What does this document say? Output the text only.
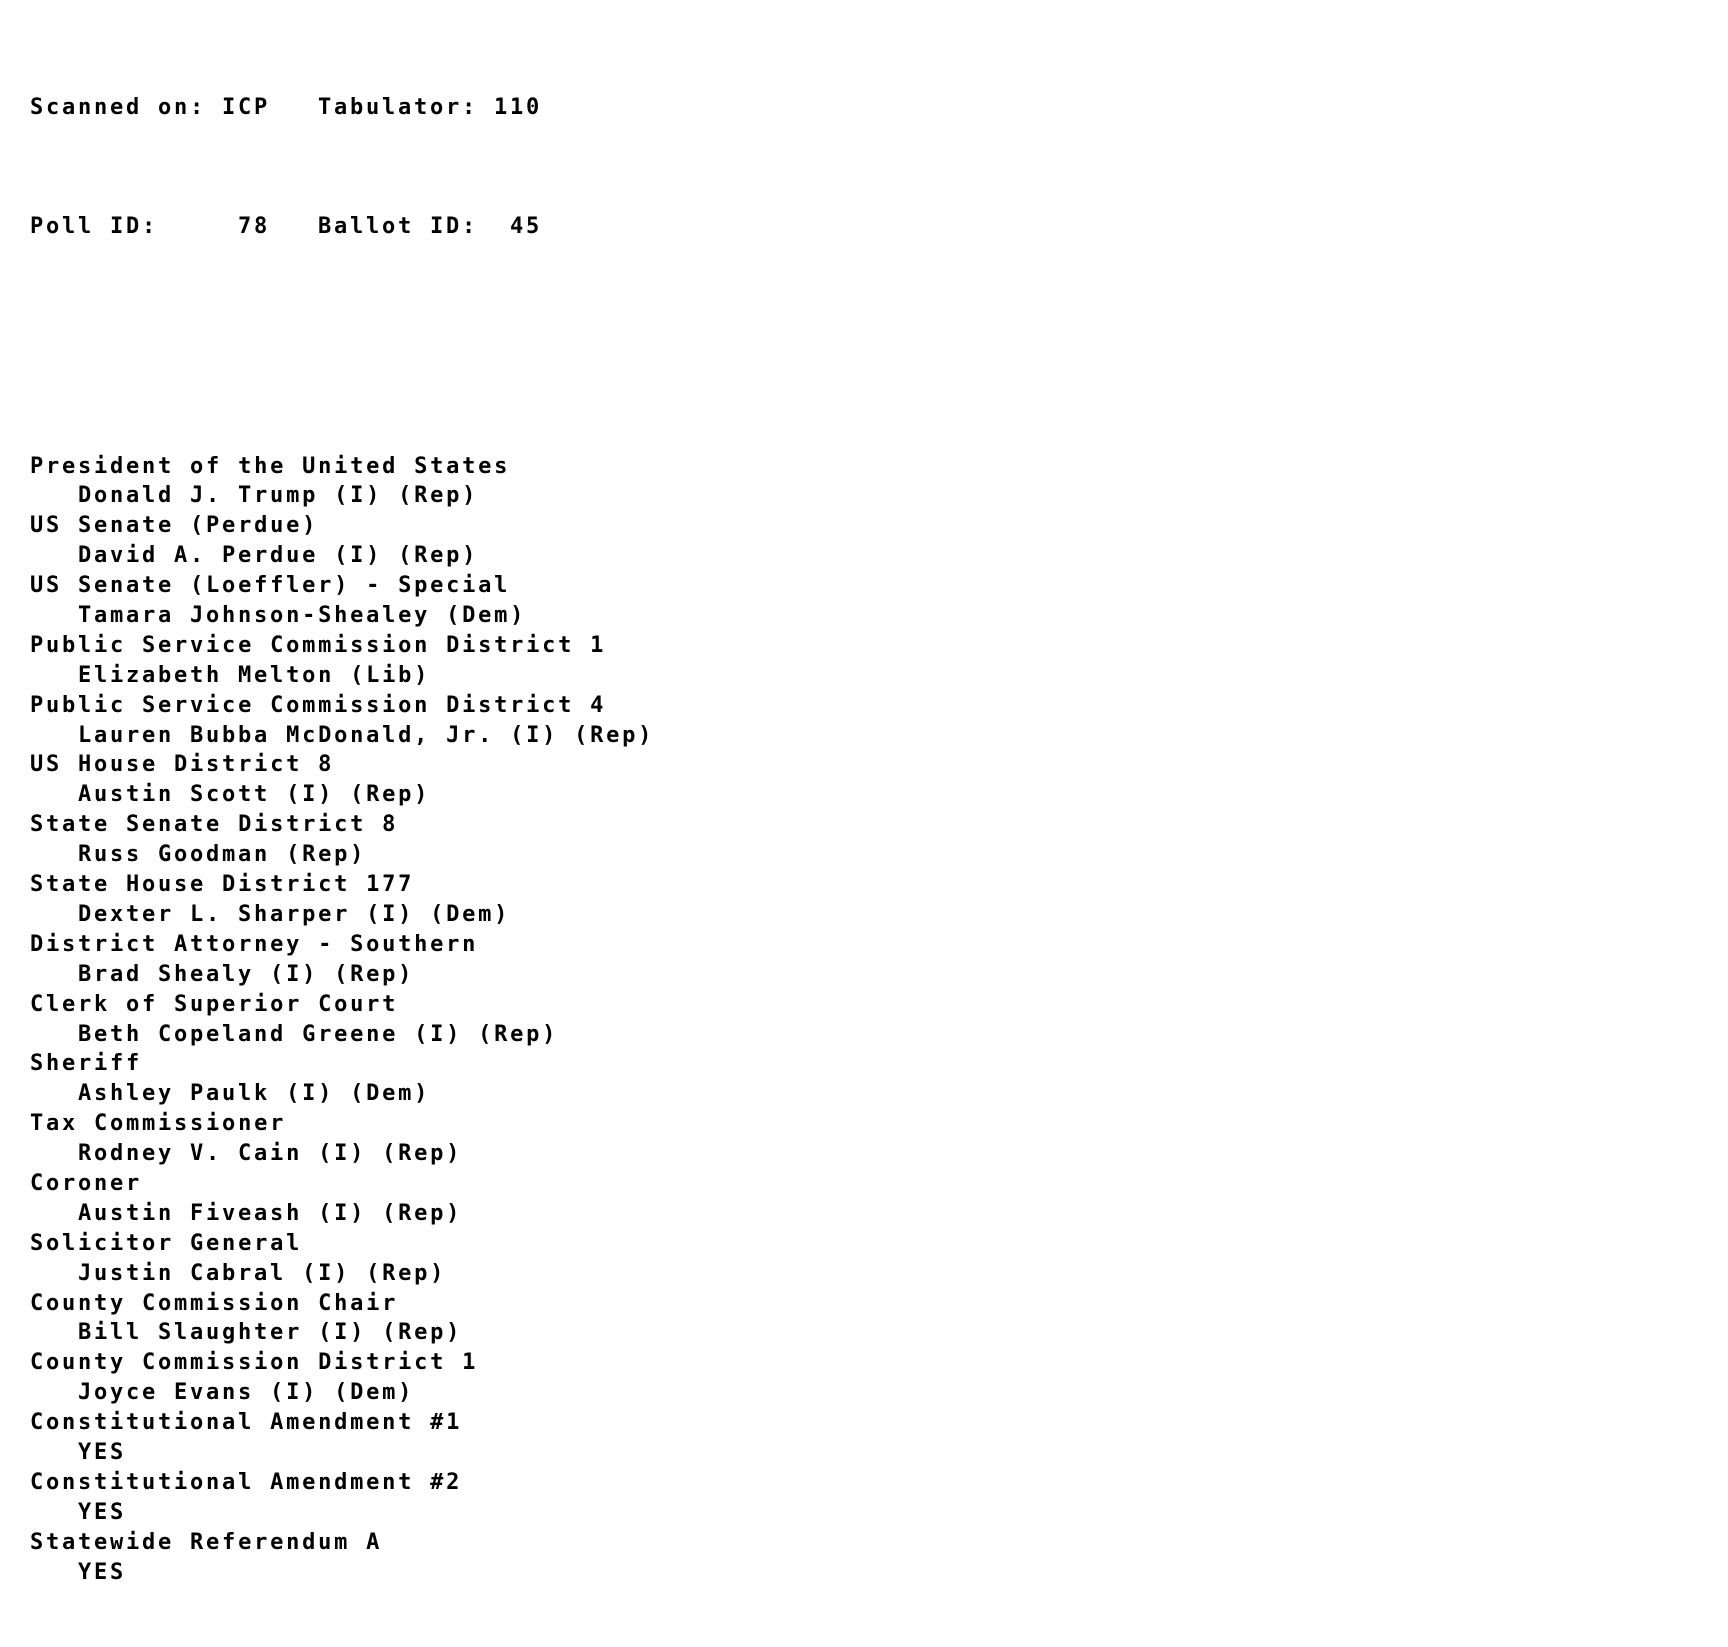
Scanned on: ICP Tabulator: 110

Poll ID:	78 Ballot ID:	45

President of the United States
Donald J. Trump (I) (Rep)
US Senate (Perdue)
David A. Perdue (I) (Rep)
US Senate (Loeffler) - Special
Tamara Johnson-Shealey (Dem)
Public Service Commission District 1
Elizabeth Melton (Lib)
Public Service Commission District 4
Lauren Bubba McDonald, Jr. (I) (Rep)
US House District 8
Austin Scott (I) (Rep)
State Senate District 8
Russ Goodman (Rep)
State House District 177
Dexter L. Sharper (I) (Dem)
District Attorney - Southern
Brad Shealy (I) (Rep)
Clerk of Superior Court
Beth Copeland Greene (I) (Rep)
Sheriff
Ashley Paulk (I) (Dem)
Tax Commissioner
Rodney V. Cain (I) (Rep)
Coroner
Austin Fiveash (I) (Rep)
Solicitor General
Justin Cabral (I) (Rep)
County Commission Chair
Bill Slaughter (I) (Rep)
County Commission District 1
Joyce Evans (I) (Dem)
Constitutional Amendment #1
YES
Constitutional Amendment #2
YES
Statewide Referendum A
YES
